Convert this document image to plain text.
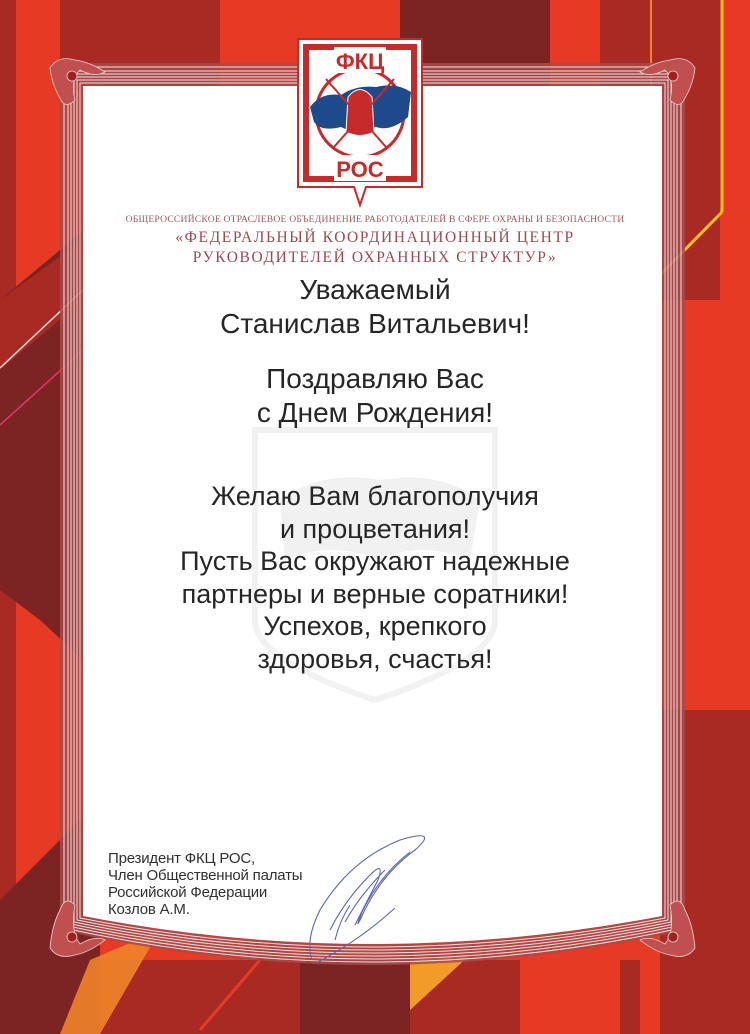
ФКЦ
РОС
ОБЩЕРОССИЙСКОЕ ОТРАСЛЕВОЕ ОБЪЕДИНЕНИЕ РАБОТОДАТЕЛЕЙ В СФЕРЕ ОХРАНЫ И БЕЗОПАСНОСТИ
«ФЕДЕРАЛЬНЫЙ КООРДИНАЦИОННЫЙ ЦЕНТР
РУКОВОДИТЕЛЕЙ ОХРАННЫХ СТРУКТУР»
Уважаемый
Станислав Витальевич!
Поздравляю Вас
с Днем Рождения!
Желаю Вам благополучия
и процветания!
Пусть Вас окружают надежные
партнеры и верные соратники!
Успехов, крепкого
здоровья, счастья!
Президент ФКЦ РОС,
Член Общественной палаты
Российской Федерации
Козлов А.М.
